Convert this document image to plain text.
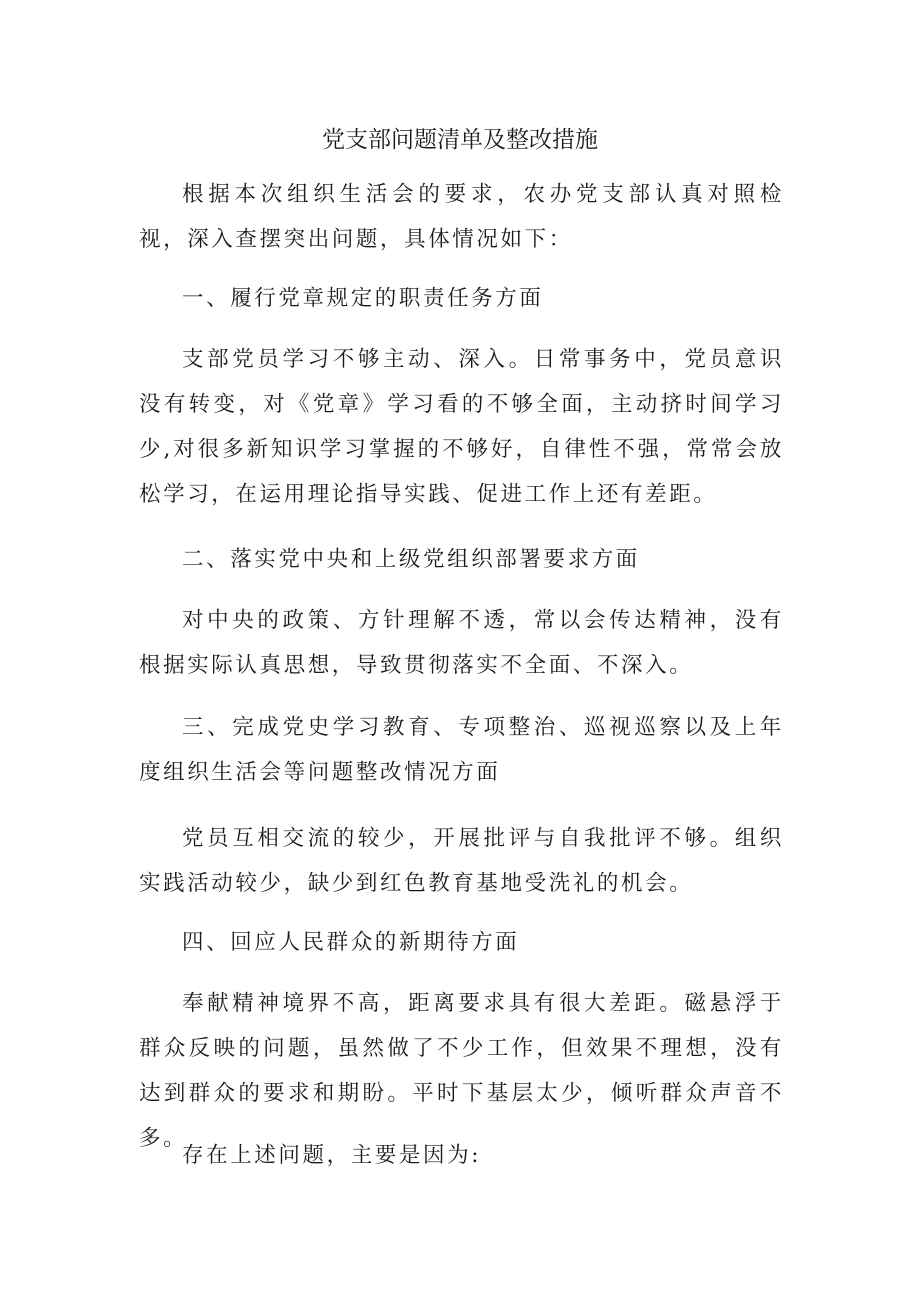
党支部问题清单及整改措施

根据本次组织生活会的要求，农办党支部认真对照检视，深入查摆突出问题，具体情况如下：

一、履行党章规定的职责任务方面

支部党员学习不够主动、深入。日常事务中，党员意识没有转变，对《党章》学习看的不够全面，主动挤时间学习少,对很多新知识学习掌握的不够好，自律性不强，常常会放松学习，在运用理论指导实践、促进工作上还有差距。

二、落实党中央和上级党组织部署要求方面

对中央的政策、方针理解不透，常以会传达精神，没有根据实际认真思想，导致贯彻落实不全面、不深入。

三、完成党史学习教育、专项整治、巡视巡察以及上年度组织生活会等问题整改情况方面

党员互相交流的较少，开展批评与自我批评不够。组织实践活动较少，缺少到红色教育基地受洗礼的机会。

四、回应人民群众的新期待方面

奉献精神境界不高，距离要求具有很大差距。磁悬浮于群众反映的问题，虽然做了不少工作，但效果不理想，没有达到群众的要求和期盼。平时下基层太少，倾听群众声音不多。

存在上述问题，主要是因为:
